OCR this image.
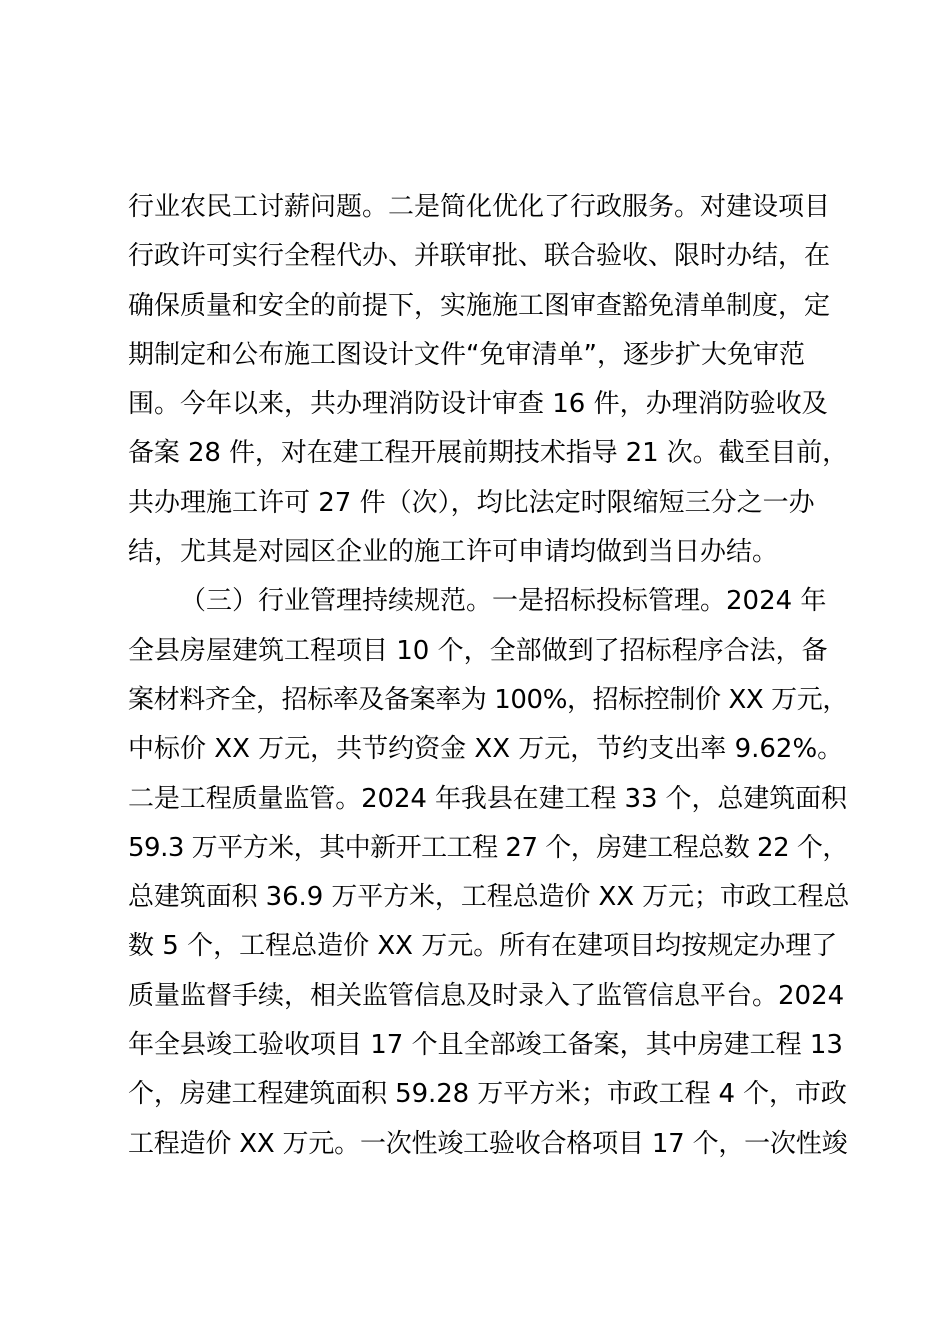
行业农民工讨薪问题。二是简化优化了行政服务。对建设项目
行政许可实行全程代办、并联审批、联合验收、限时办结，在
确保质量和安全的前提下，实施施工图审查豁免清单制度，定
期制定和公布施工图设计文件“免审清单”，逐步扩大免审范
围。今年以来，共办理消防设计审查 16 件，办理消防验收及
备案 28 件，对在建工程开展前期技术指导 21 次。截至目前，
共办理施工许可 27 件（次），均比法定时限缩短三分之一办
结，尤其是对园区企业的施工许可申请均做到当日办结。
（三）行业管理持续规范。一是招标投标管理。2024 年
全县房屋建筑工程项目 10 个，全部做到了招标程序合法，备
案材料齐全，招标率及备案率为 100%，招标控制价 XX 万元，
中标价 XX 万元，共节约资金 XX 万元，节约支出率 9.62%。
二是工程质量监管。2024 年我县在建工程 33 个，总建筑面积
59.3 万平方米，其中新开工工程 27 个，房建工程总数 22 个，
总建筑面积 36.9 万平方米，工程总造价 XX 万元；市政工程总
数 5 个，工程总造价 XX 万元。所有在建项目均按规定办理了
质量监督手续，相关监管信息及时录入了监管信息平台。2024
年全县竣工验收项目 17 个且全部竣工备案，其中房建工程 13
个，房建工程建筑面积 59.28 万平方米；市政工程 4 个，市政
工程造价 XX 万元。一次性竣工验收合格项目 17 个，一次性竣
